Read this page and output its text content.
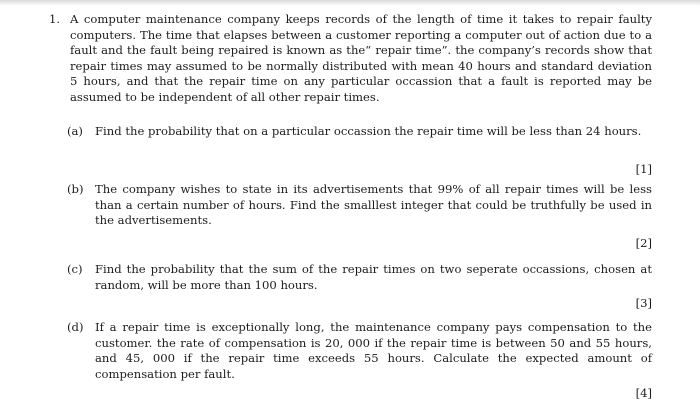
1. A computer maintenance company keeps records of the length of time it takes to repair faulty computers. The time that elapses between a customer reporting a computer out of action due to a fault and the fault being repaired is known as the“ repair time”. the company’s records show that repair times may assumed to be normally distributed with mean 40 hours and standard deviation 5 hours, and that the repair time on any particular occassion that a fault is reported may be assumed to be independent of all other repair times.
(a) Find the probability that on a particular occassion the repair time will be less than 24 hours.
[1]
(b) The company wishes to state in its advertisements that 99% of all repair times will be less than a certain number of hours. Find the smalllest integer that could be truthfully be used in the advertisements.
[2]
(c) Find the probability that the sum of the repair times on two seperate occassions, chosen at random, will be more than 100 hours.
[3]
(d) If a repair time is exceptionally long, the maintenance company pays compensation to the customer. the rate of compensation is 20, 000 if the repair time is between 50 and 55 hours, and 45, 000 if the repair time exceeds 55 hours. Calculate the expected amount of compensation per fault.
[4]
